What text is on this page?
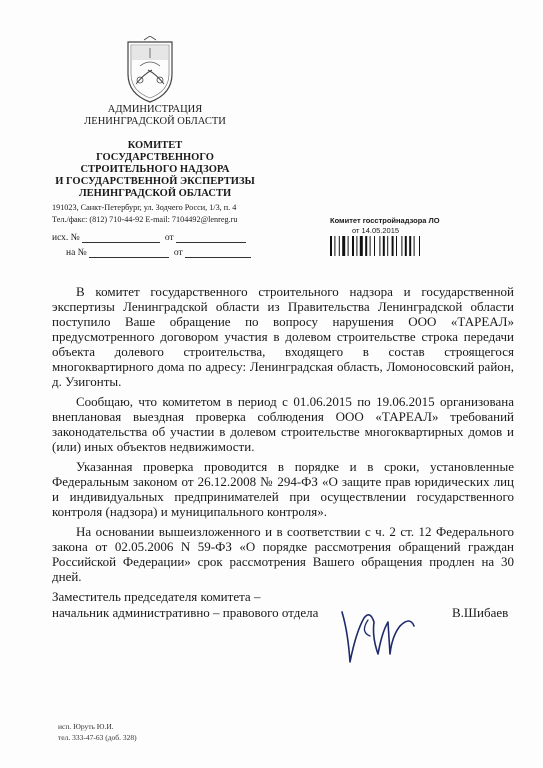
АДМИНИСТРАЦИЯ
ЛЕНИНГРАДСКОЙ ОБЛАСТИ
КОМИТЕТ
ГОСУДАРСТВЕННОГО
СТРОИТЕЛЬНОГО НАДЗОРА
И ГОСУДАРСТВЕННОЙ ЭКСПЕРТИЗЫ
ЛЕНИНГРАДСКОЙ ОБЛАСТИ
191023, Санкт-Петербург, ул. Зодчего Росси, 1/3, п. 4
Тел./факс: (812) 710-44-92 E-mail: 7104492@lenreg.ru
исх. №	от
на №	от
Комитет госстройнадзора ЛО
от 14.05.2015

В комитет государственного строительного надзора и государственной экспертизы Ленинградской области из Правительства Ленинградской области поступило Ваше обращение по вопросу нарушения ООО «ТАРЕАЛ» предусмотренного договором участия в долевом строительстве строка передачи объекта долевого строительства, входящего в состав строящегося многоквартирного дома по адресу: Ленинградская область, Ломоносовский район, д. Узигонты.

Сообщаю, что комитетом в период с 01.06.2015 по 19.06.2015 организована внеплановая выездная проверка соблюдения ООО «ТАРЕАЛ» требований законодательства об участии в долевом строительстве многоквартирных домов и (или) иных объектов недвижимости.

Указанная проверка проводится в порядке и в сроки, установленные Федеральным законом от 26.12.2008 № 294-ФЗ «О защите прав юридических лиц и индивидуальных предпринимателей при осуществлении государственного контроля (надзора) и муниципального контроля».

На основании вышеизложенного и в соответствии с ч. 2 ст. 12 Федерального закона от 02.05.2006 N 59-ФЗ «О порядке рассмотрения обращений граждан Российской Федерации» срок рассмотрения Вашего обращения продлен на 30 дней.

Заместитель председателя комитета –
начальник административно – правового отдела	В.Шибаев
исп. Юруть Ю.И.
тел. 333-47-63 (доб. 328)
